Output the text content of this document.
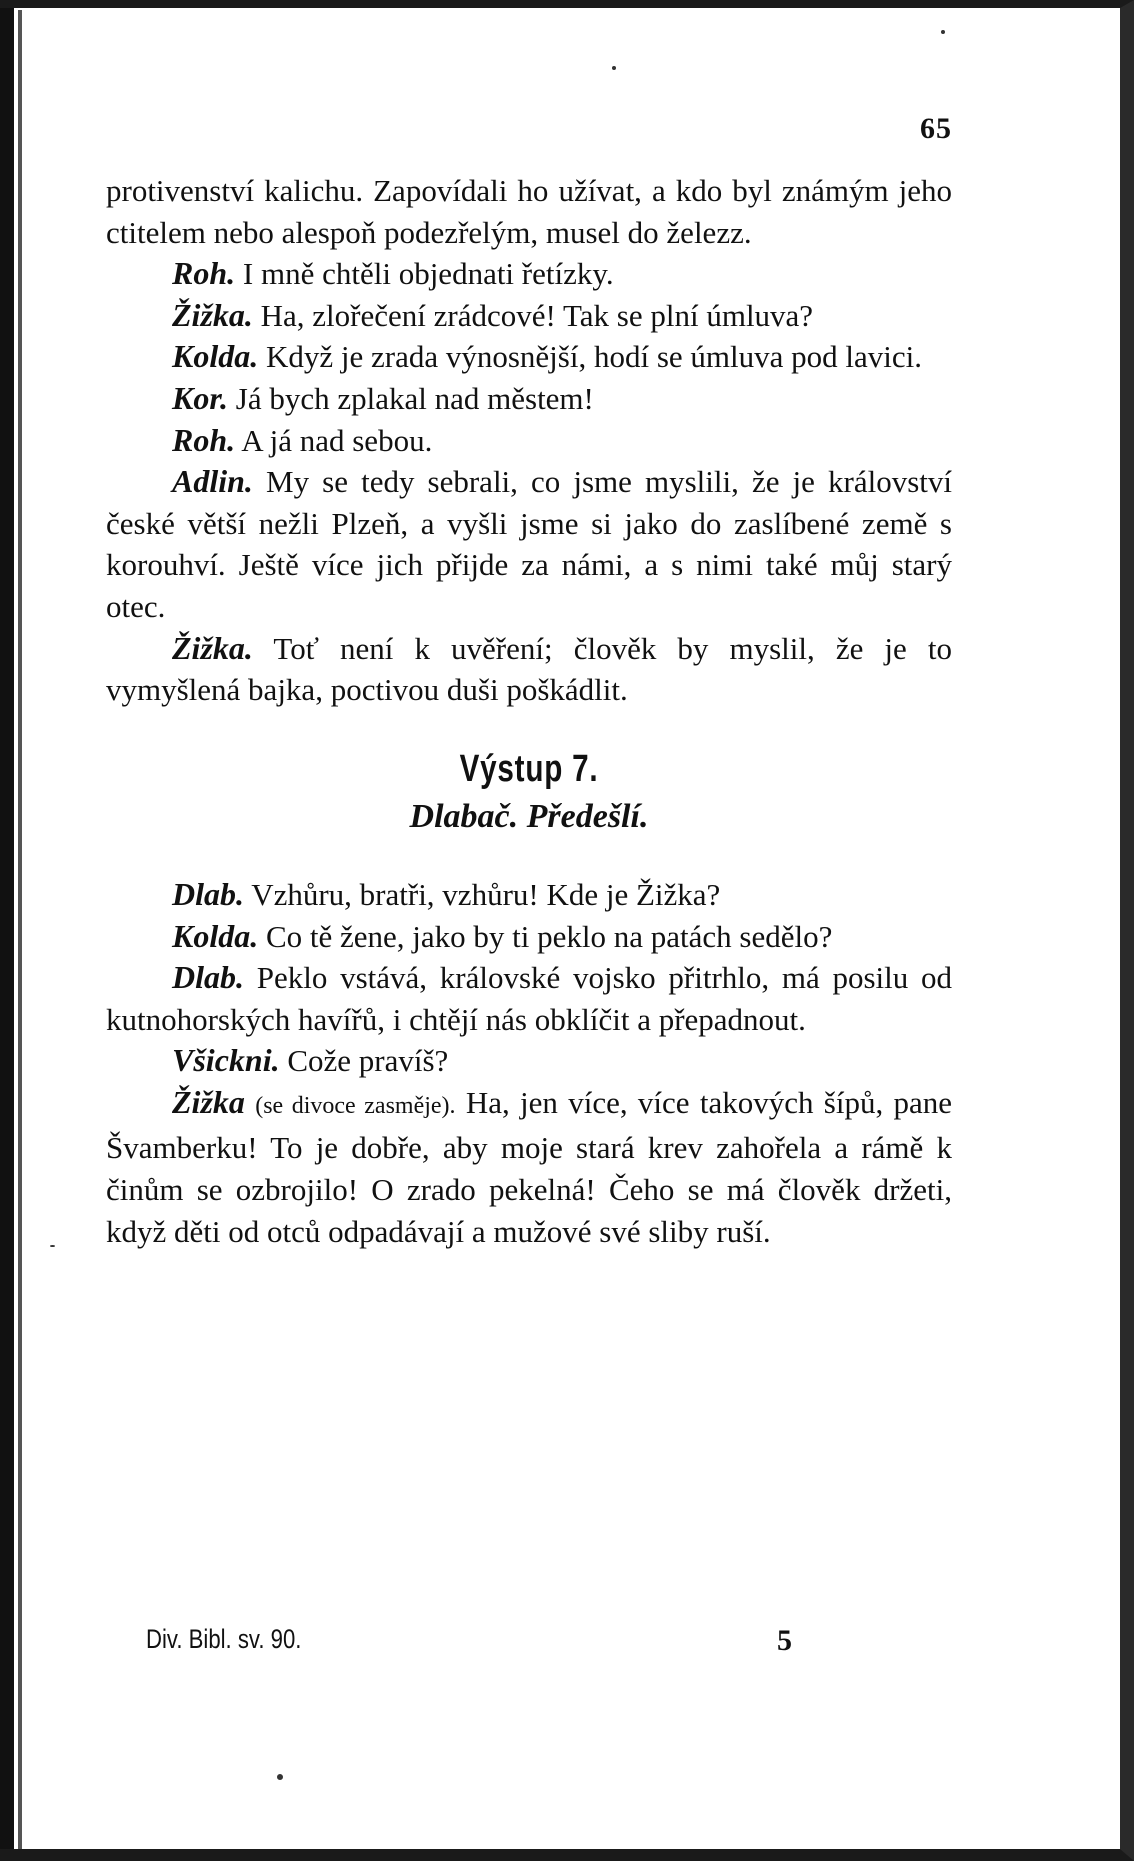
65

protivenství kalichu. Zapovídali ho užívat, a kdo byl známým jeho ctitelem nebo alespoň podezřelým, musel do železz.

Roh. I mně chtěli objednati řetízky.

Žižka. Ha, zlořečení zrádcové! Tak se plní úmluva?

Kolda. Když je zrada výnosnější, hodí se úmluva pod lavici.

Kor. Já bych zplakal nad městem!

Roh. A já nad sebou.

Adlin. My se tedy sebrali, co jsme myslili, že je království české větší nežli Plzeň, a vyšli jsme si jako do zaslíbené země s korouhví. Ještě více jich přijde za námi, a s nimi také můj starý otec.

Žižka. Toť není k uvěření; člověk by myslil, že je to vymyšlená bajka, poctivou duši poškádlit.

Výstup 7.
Dlabač. Předešlí.

Dlab. Vzhůru, bratři, vzhůru! Kde je Žižka?

Kolda. Co tě žene, jako by ti peklo na patách sedělo?

Dlab. Peklo vstává, královské vojsko přitrhlo, má posilu od kutnohorských havířů, i chtějí nás obklíčit a přepadnout.

Všickni. Cože pravíš?

Žižka (se divoce zasměje). Ha, jen více, více takových šípů, pane Švamberku! To je dobře, aby moje stará krev zahořela a rámě k činům se ozbrojilo! O zrado pekelná! Čeho se má člověk držeti, když děti od otců odpadávají a mužové své sliby ruší.

Div. Bibl. sv. 90.	5
